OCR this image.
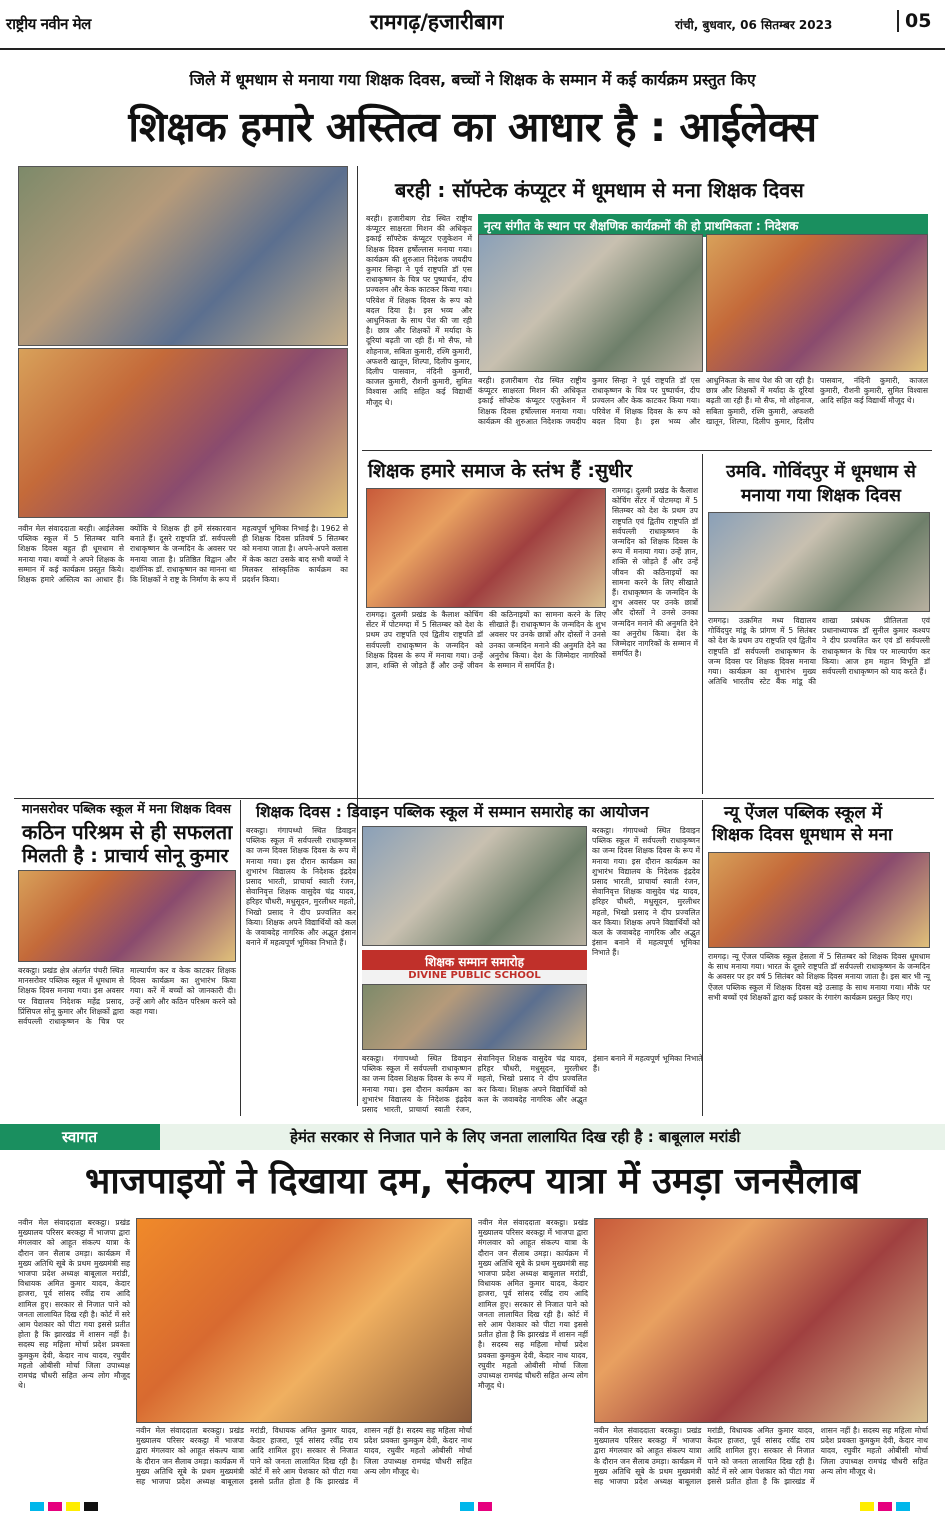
राष्ट्रीय नवीन मेल	रामगढ़/हजारीबाग	रांची, बुधवार, 06 सितम्बर 2023	05
जिले में धूमधाम से मनाया गया शिक्षक दिवस, बच्चों ने शिक्षक के सम्मान में कई कार्यक्रम प्रस्तुत किए
शिक्षक हमारे अस्तित्व का आधार है : आईलेक्स
नवीन मेल संवाददाता बरही। आईलेक्स पब्लिक स्कूल में 5 सितम्बर यानि शिक्षक दिवस बहुत ही धूमधाम से मनाया गया। बच्चों ने अपने शिक्षक के सम्मान में कई कार्यक्रम प्रस्तुत किये। शिक्षक हमारे अस्तित्व का आधार हैं। क्योंकि ये शिक्षक ही हमें संस्कारवान बनाते हैं। दूसरे राष्ट्रपति डॉ. सर्वपल्ली राधाकृष्णन के जन्मदिन के अवसर पर मनाया जाता है। प्रतिष्ठित विद्वान और दार्शनिक डॉ. राधाकृष्णन का मानना था कि शिक्षकों ने राष्ट्र के निर्माण के रूप में महत्वपूर्ण भूमिका निभाई है। 1962 से ही शिक्षक दिवस प्रतिवर्ष 5 सितम्बर को मनाया जाता है। अपने-अपने क्लास में केक काटा उसके बाद सभी बच्चों ने मिलकर सांस्कृतिक कार्यक्रम का प्रदर्शन किया।
बरही : सॉफ्टेक कंप्यूटर में धूमधाम से मना शिक्षक दिवस
नृत्य संगीत के स्थान पर शैक्षणिक कार्यक्रमों की हो प्राथमिकता : निदेशक
बरही। हजारीबाग रोड स्थित राष्ट्रीय कंप्यूटर साक्षरता मिशन की अधिकृत इकाई सॉफ्टेक कंप्यूटर एजुकेशन में शिक्षक दिवस हर्षोल्लास मनाया गया। कार्यक्रम की शुरुआत निदेशक जयदीप कुमार सिन्हा ने पूर्व राष्ट्रपति डॉ एस राधाकृष्णन के चित्र पर पुष्पार्चन, दीप प्रज्वलन और केक काटकर किया गया। परिवेश में शिक्षक दिवस के रूप को बदल दिया है। इस भव्य और आधुनिकता के साथ पेश की जा रही है। छात्र और शिक्षकों में मर्यादा के दूरियां बढ़ती जा रही हैं। मो सैफ, मो शोहनाज, सबिता कुमारी, रश्मि कुमारी, अफशरी खातून, शिल्पा, दिलीप कुमार, दिलीप पासवान, नंदिनी कुमारी, काजल कुमारी, रौशनी कुमारी, सुमित विश्वास आदि सहित कई विद्यार्थी मौजूद थे।
बरही। हजारीबाग रोड स्थित राष्ट्रीय कंप्यूटर साक्षरता मिशन की अधिकृत इकाई सॉफ्टेक कंप्यूटर एजुकेशन में शिक्षक दिवस हर्षोल्लास मनाया गया। कार्यक्रम की शुरुआत निदेशक जयदीप कुमार सिन्हा ने पूर्व राष्ट्रपति डॉ एस राधाकृष्णन के चित्र पर पुष्पार्चन, दीप प्रज्वलन और केक काटकर किया गया। परिवेश में शिक्षक दिवस के रूप को बदल दिया है। इस भव्य और आधुनिकता के साथ पेश की जा रही है। छात्र और शिक्षकों में मर्यादा के दूरियां बढ़ती जा रही हैं। मो सैफ, मो शोहनाज, सबिता कुमारी, रश्मि कुमारी, अफशरी खातून, शिल्पा, दिलीप कुमार, दिलीप पासवान, नंदिनी कुमारी, काजल कुमारी, रौशनी कुमारी, सुमित विश्वास आदि सहित कई विद्यार्थी मौजूद थे।
शिक्षक हमारे समाज के स्तंभ हैं :सुधीर
रामगढ़। दुलमी प्रखंड के कैलाश कोचिंग सेंटर में पोटमग्दा में 5 सितम्बर को देश के प्रथम उप राष्ट्रपति एवं द्वितीय राष्ट्रपति डॉ सर्वपल्ली राधाकृष्णन के जन्मदिन को शिक्षक दिवस के रूप में मनाया गया। उन्हें ज्ञान, शक्ति से जोड़ते हैं और उन्हें जीवन की कठिनाइयों का सामना करने के लिए सीखाते हैं। राधाकृष्णन के जन्मदिन के शुभ अवसर पर उनके छात्रों और दोस्तों ने उनसे उनका जन्मदिन मनाने की अनुमति देने का अनुरोध किया। देश के जिम्मेदार नागरिकों के सम्मान में समर्पित है।
रामगढ़। दुलमी प्रखंड के कैलाश कोचिंग सेंटर में पोटमग्दा में 5 सितम्बर को देश के प्रथम उप राष्ट्रपति एवं द्वितीय राष्ट्रपति डॉ सर्वपल्ली राधाकृष्णन के जन्मदिन को शिक्षक दिवस के रूप में मनाया गया। उन्हें ज्ञान, शक्ति से जोड़ते हैं और उन्हें जीवन की कठिनाइयों का सामना करने के लिए सीखाते हैं। राधाकृष्णन के जन्मदिन के शुभ अवसर पर उनके छात्रों और दोस्तों ने उनसे उनका जन्मदिन मनाने की अनुमति देने का अनुरोध किया। देश के जिम्मेदार नागरिकों के सम्मान में समर्पित है।
उमवि. गोविंदपुर में धूमधाम से मनाया गया शिक्षक दिवस
रामगढ़। उत्क्रमित मध्य विद्यालय गोविंदपुर मांडू के प्रांगण में 5 सितंबर को देश के प्रथम उप राष्ट्रपति एवं द्वितीय राष्ट्रपति डॉ सर्वपल्ली राधाकृष्णन के जन्म दिवस पर शिक्षक दिवस मनाया गया। कार्यक्रम का शुभारंभ मुख्य अतिथि भारतीय स्टेट बैंक मांडू की शाखा प्रबंधक प्रीतिलता एवं प्रधानाध्यापक डॉ सुनील कुमार कश्यप ने दीप प्रज्वलित कर एवं डॉ सर्वपल्ली राधाकृष्णन के चित्र पर माल्यार्पण कर किया। आज हम महान विभूति डॉ सर्वपल्ली राधाकृष्णन को याद करते हैं।
मानसरोवर पब्लिक स्कूल में मना शिक्षक दिवस
कठिन परिश्रम से ही सफलता
मिलती है : प्राचार्य सोनू कुमार
बरकट्ठा। प्रखंड क्षेत्र अंतर्गत पंचरी स्थित मानसरोवर पब्लिक स्कूल में धूमधाम से शिक्षक दिवस मनाया गया। इस अवसर पर विद्यालय निदेशक महेंद्र प्रसाद, प्रिंसिपल सोनू कुमार और शिक्षकों द्वारा सर्वपल्ली राधाकृष्णन के चित्र पर माल्यार्पण कर व केक काटकर शिक्षक दिवस कार्यक्रम का शुभारंभ किया गया। करें में बच्चों को जानकारी दी। उन्हें आगे और कठिन परिश्रम करने को कहा गया।
शिक्षक दिवस : डिवाइन पब्लिक स्कूल में सम्मान समारोह का आयोजन
बरकट्ठा। गंगापथ्थो स्थित डिवाइन पब्लिक स्कूल में सर्वपल्ली राधाकृष्णन का जन्म दिवस शिक्षक दिवस के रूप में मनाया गया। इस दौरान कार्यक्रम का शुभारंभ विद्यालय के निदेशक इंद्रदेव प्रसाद भारती, प्राचार्या स्वाती रंजन, सेवानिवृत्त शिक्षक वासुदेव चंद्र यादव, हरिहर चौधरी, मधुसूदन, मुरलीधर महतो, भिखो प्रसाद ने दीप प्रज्वलित कर किया। शिक्षक अपने विद्यार्थियों को कल के जवाबदेह नागरिक और अद्भुत इंसान बनाने में महत्वपूर्ण भूमिका निभाते हैं।
शिक्षक सम्मान समारोह
DIVINE PUBLIC SCHOOL
बरकट्ठा। गंगापथ्थो स्थित डिवाइन पब्लिक स्कूल में सर्वपल्ली राधाकृष्णन का जन्म दिवस शिक्षक दिवस के रूप में मनाया गया। इस दौरान कार्यक्रम का शुभारंभ विद्यालय के निदेशक इंद्रदेव प्रसाद भारती, प्राचार्या स्वाती रंजन, सेवानिवृत्त शिक्षक वासुदेव चंद्र यादव, हरिहर चौधरी, मधुसूदन, मुरलीधर महतो, भिखो प्रसाद ने दीप प्रज्वलित कर किया। शिक्षक अपने विद्यार्थियों को कल के जवाबदेह नागरिक और अद्भुत इंसान बनाने में महत्वपूर्ण भूमिका निभाते हैं।
बरकट्ठा। गंगापथ्थो स्थित डिवाइन पब्लिक स्कूल में सर्वपल्ली राधाकृष्णन का जन्म दिवस शिक्षक दिवस के रूप में मनाया गया। इस दौरान कार्यक्रम का शुभारंभ विद्यालय के निदेशक इंद्रदेव प्रसाद भारती, प्राचार्या स्वाती रंजन, सेवानिवृत्त शिक्षक वासुदेव चंद्र यादव, हरिहर चौधरी, मधुसूदन, मुरलीधर महतो, भिखो प्रसाद ने दीप प्रज्वलित कर किया। शिक्षक अपने विद्यार्थियों को कल के जवाबदेह नागरिक और अद्भुत इंसान बनाने में महत्वपूर्ण भूमिका निभाते हैं।
न्यू ऐंजल पब्लिक स्कूल में
शिक्षक दिवस धूमधाम से मना
रामगढ़। न्यू ऐंजल पब्लिक स्कूल हेसला में 5 सितम्बर को शिक्षक दिवस धूमधाम के साथ मनाया गया। भारत के दूसरे राष्ट्रपति डॉ सर्वपल्ली राधाकृष्णन के जन्मदिन के अवसर पर हर वर्ष 5 सितंबर को शिक्षक दिवस मनाया जाता है। इस बार भी न्यू ऐंजल पब्लिक स्कूल में शिक्षक दिवस बड़े उत्साह के साथ मनाया गया। मौके पर सभी बच्चों एवं शिक्षकों द्वारा कई प्रकार के रंगारंग कार्यक्रम प्रस्तुत किए गए।
स्वागत	हेमंत सरकार से निजात पाने के लिए जनता लालायित दिख रही है : बाबूलाल मरांडी
भाजपाइयों ने दिखाया दम, संकल्प यात्रा में उमड़ा जनसैलाब
नवीन मेल संवाददाता बरकट्ठा। प्रखंड मुख्यालय परिसर बरकट्ठा में भाजपा द्वारा मंगलवार को आहूत संकल्प यात्रा के दौरान जन सैलाब उमड़ा। कार्यक्रम में मुख्य अतिथि सूबे के प्रथम मुख्यमंत्री सह भाजपा प्रदेश अध्यक्ष बाबूलाल मरांडी, विधायक अमित कुमार यादव, केदार हाजरा, पूर्व सांसद रवींद्र राय आदि शामिल हुए। सरकार से निजात पाने को जनता लालायित दिख रही है। कोर्ट में सरे आम पेशकार को पीटा गया इससे प्रतीत होता है कि झारखंड में शासन नहीं है। सदस्य सह महिला मोर्चा प्रदेश प्रवक्ता कुमकुम देवी, केदार नाथ यादव, रघुवीर महतो ओबीसी मोर्चा जिला उपाध्यक्ष रामचंद्र चौधरी सहित अन्य लोग मौजूद थे।
नवीन मेल संवाददाता बरकट्ठा। प्रखंड मुख्यालय परिसर बरकट्ठा में भाजपा द्वारा मंगलवार को आहूत संकल्प यात्रा के दौरान जन सैलाब उमड़ा। कार्यक्रम में मुख्य अतिथि सूबे के प्रथम मुख्यमंत्री सह भाजपा प्रदेश अध्यक्ष बाबूलाल मरांडी, विधायक अमित कुमार यादव, केदार हाजरा, पूर्व सांसद रवींद्र राय आदि शामिल हुए। सरकार से निजात पाने को जनता लालायित दिख रही है। कोर्ट में सरे आम पेशकार को पीटा गया इससे प्रतीत होता है कि झारखंड में शासन नहीं है। सदस्य सह महिला मोर्चा प्रदेश प्रवक्ता कुमकुम देवी, केदार नाथ यादव, रघुवीर महतो ओबीसी मोर्चा जिला उपाध्यक्ष रामचंद्र चौधरी सहित अन्य लोग मौजूद थे।
नवीन मेल संवाददाता बरकट्ठा। प्रखंड मुख्यालय परिसर बरकट्ठा में भाजपा द्वारा मंगलवार को आहूत संकल्प यात्रा के दौरान जन सैलाब उमड़ा। कार्यक्रम में मुख्य अतिथि सूबे के प्रथम मुख्यमंत्री सह भाजपा प्रदेश अध्यक्ष बाबूलाल मरांडी, विधायक अमित कुमार यादव, केदार हाजरा, पूर्व सांसद रवींद्र राय आदि शामिल हुए। सरकार से निजात पाने को जनता लालायित दिख रही है। कोर्ट में सरे आम पेशकार को पीटा गया इससे प्रतीत होता है कि झारखंड में शासन नहीं है। सदस्य सह महिला मोर्चा प्रदेश प्रवक्ता कुमकुम देवी, केदार नाथ यादव, रघुवीर महतो ओबीसी मोर्चा जिला उपाध्यक्ष रामचंद्र चौधरी सहित अन्य लोग मौजूद थे।
नवीन मेल संवाददाता बरकट्ठा। प्रखंड मुख्यालय परिसर बरकट्ठा में भाजपा द्वारा मंगलवार को आहूत संकल्प यात्रा के दौरान जन सैलाब उमड़ा। कार्यक्रम में मुख्य अतिथि सूबे के प्रथम मुख्यमंत्री सह भाजपा प्रदेश अध्यक्ष बाबूलाल मरांडी, विधायक अमित कुमार यादव, केदार हाजरा, पूर्व सांसद रवींद्र राय आदि शामिल हुए। सरकार से निजात पाने को जनता लालायित दिख रही है। कोर्ट में सरे आम पेशकार को पीटा गया इससे प्रतीत होता है कि झारखंड में शासन नहीं है। सदस्य सह महिला मोर्चा प्रदेश प्रवक्ता कुमकुम देवी, केदार नाथ यादव, रघुवीर महतो ओबीसी मोर्चा जिला उपाध्यक्ष रामचंद्र चौधरी सहित अन्य लोग मौजूद थे।
